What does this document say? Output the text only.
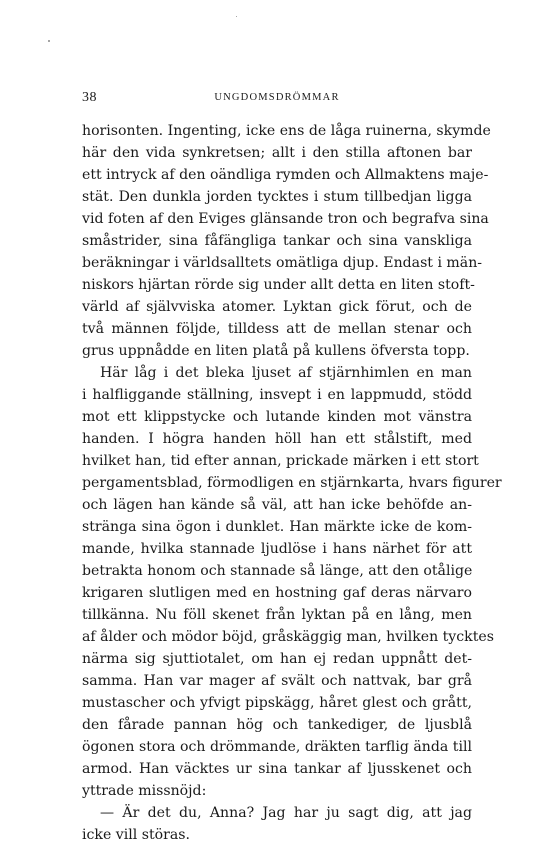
38	UNGDOMSDRÖMMAR
horisonten. Ingenting, icke ens de låga ruinerna, skymde
här den vida synkretsen; allt i den stilla aftonen bar
ett intryck af den oändliga rymden och Allmaktens maje-
stät. Den dunkla jorden tycktes i stum tillbedjan ligga
vid foten af den Eviges glänsande tron och begrafva sina
småstrider, sina fåfängliga tankar och sina vanskliga
beräkningar i världsalltets omätliga djup. Endast i män-
niskors hjärtan rörde sig under allt detta en liten stoft-
värld af självviska atomer. Lyktan gick förut, och de
två männen följde, tilldess att de mellan stenar och
grus uppnådde en liten platå på kullens öfversta topp.
Här låg i det bleka ljuset af stjärnhimlen en man
i halfliggande ställning, insvept i en lappmudd, stödd
mot ett klippstycke och lutande kinden mot vänstra
handen. I högra handen höll han ett stålstift, med
hvilket han, tid efter annan, prickade märken i ett stort
pergamentsblad, förmodligen en stjärnkarta, hvars figurer
och lägen han kände så väl, att han icke behöfde an-
stränga sina ögon i dunklet. Han märkte icke de kom-
mande, hvilka stannade ljudlöse i hans närhet för att
betrakta honom och stannade så länge, att den otålige
krigaren slutligen med en hostning gaf deras närvaro
tillkänna. Nu föll skenet från lyktan på en lång, men
af ålder och mödor böjd, gråskäggig man, hvilken tycktes
närma sig sjuttiotalet, om han ej redan uppnått det-
samma. Han var mager af svält och nattvak, bar grå
mustascher och yfvigt pipskägg, håret glest och grått,
den fårade pannan hög och tankediger, de ljusblå
ögonen stora och drömmande, dräkten tarflig ända till
armod. Han väcktes ur sina tankar af ljusskenet och
yttrade missnöjd:
— Är det du, Anna? Jag har ju sagt dig, att jag
icke vill störas.
